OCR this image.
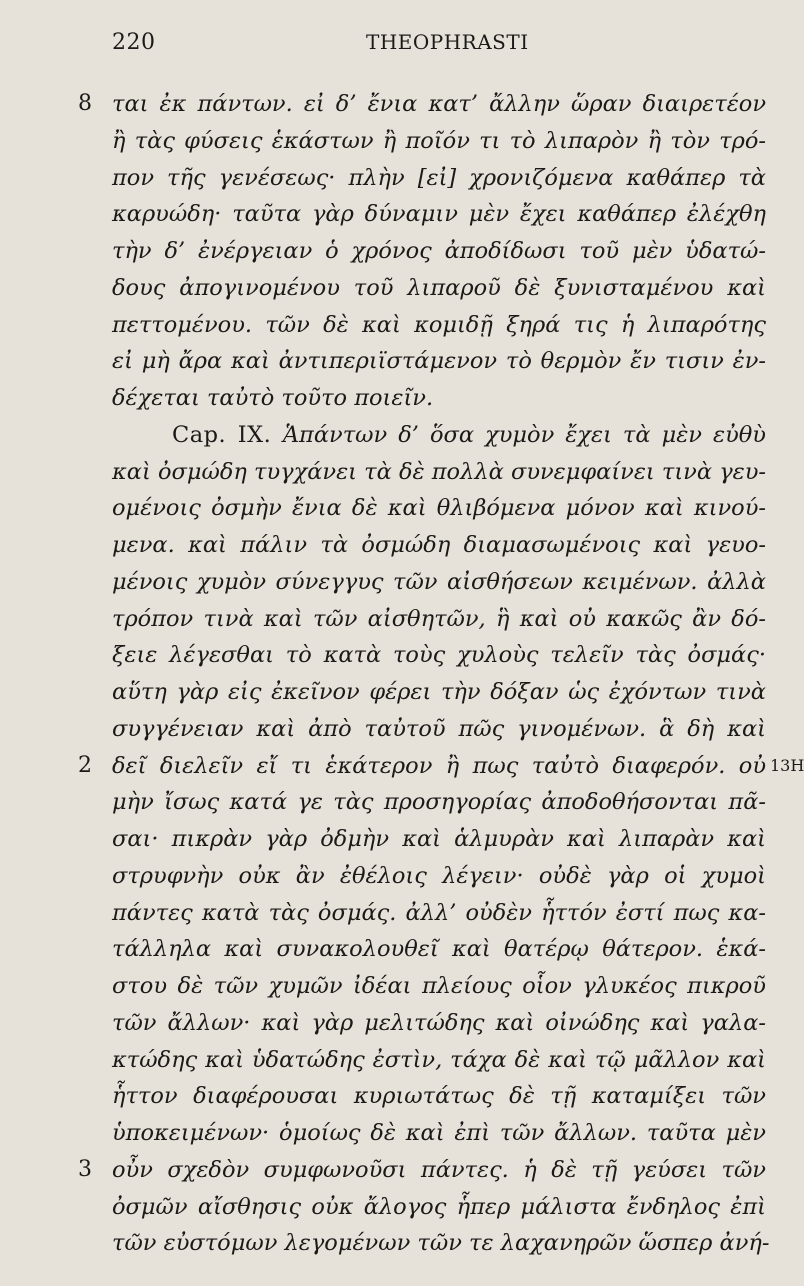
220	THEOPHRASTI
8 ται ἐκ πάντων. εἰ δ’ ἔνια κατ’ ἄλλην ὥραν διαιρετέον
ἢ τὰς φύσεις ἑκάστων ἢ ποῖόν τι τὸ λιπαρὸν ἢ τὸν τρό-
πον τῆς γενέσεως· πλὴν [εἰ] χρονιζόμενα καθάπερ τὰ
καρυώδη· ταῦτα γὰρ δύναμιν μὲν ἔχει καθάπερ ἐλέχθη
τὴν δ’ ἐνέργειαν ὁ χρόνος ἀποδίδωσι τοῦ μὲν ὑδατώ-
δους ἀπογινομένου τοῦ λιπαροῦ δὲ ξυνισταμένου καὶ
πεττομένου. τῶν δὲ καὶ κομιδῇ ξηρά τις ἡ λιπαρότης
εἰ μὴ ἄρα καὶ ἀντιπεριϊστάμενον τὸ θερμὸν ἔν τισιν ἐν-
δέχεται ταὐτὸ τοῦτο ποιεῖν.
Cap. IX. Ἁπάντων δ’ ὅσα χυμὸν ἔχει τὰ μὲν εὐθὺ
καὶ ὀσμώδη τυγχάνει τὰ δὲ πολλὰ συνεμφαίνει τινὰ γευ-
ομένοις ὀσμὴν ἔνια δὲ καὶ θλιβόμενα μόνον καὶ κινού-
μενα. καὶ πάλιν τὰ ὀσμώδη διαμασωμένοις καὶ γευο-
μένοις χυμὸν σύνεγγυς τῶν αἰσθήσεων κειμένων. ἀλλὰ
τρόπον τινὰ καὶ τῶν αἰσθητῶν, ἣ καὶ οὐ κακῶς ἂν δό-
ξειε λέγεσθαι τὸ κατὰ τοὺς χυλοὺς τελεῖν τὰς ὀσμάς·
αὕτη γὰρ εἰς ἐκεῖνον φέρει τὴν δόξαν ὡς ἐχόντων τινὰ
συγγένειαν καὶ ἀπὸ ταὐτοῦ πῶς γινομένων. ἃ δὴ καὶ
2 δεῖ διελεῖν εἴ τι ἑκάτερον ἢ πως ταὐτὸ διαφερόν. οὐ 13H
μὴν ἴσως κατά γε τὰς προσηγορίας ἀποδοθήσονται πᾶ-
σαι· πικρὰν γὰρ ὀδμὴν καὶ ἁλμυρὰν καὶ λιπαρὰν καὶ
στρυφνὴν οὐκ ἂν ἐθέλοις λέγειν· οὐδὲ γὰρ οἱ χυμοὶ
πάντες κατὰ τὰς ὀσμάς. ἀλλ’ οὐδὲν ἧττόν ἐστί πως κα-
τάλληλα καὶ συνακολουθεῖ καὶ θατέρῳ θάτερον. ἑκά-
στου δὲ τῶν χυμῶν ἰδέαι πλείους οἷον γλυκέος πικροῦ
τῶν ἄλλων· καὶ γὰρ μελιτώδης καὶ οἰνώδης καὶ γαλα-
κτώδης καὶ ὑδατώδης ἐστὶν, τάχα δὲ καὶ τῷ μᾶλλον καὶ
ἧττον διαφέρουσαι κυριωτάτως δὲ τῇ καταμίξει τῶν
ὑποκειμένων· ὁμοίως δὲ καὶ ἐπὶ τῶν ἄλλων. ταῦτα μὲν
3 οὖν σχεδὸν συμφωνοῦσι πάντες. ἡ δὲ τῇ γεύσει τῶν
ὀσμῶν αἴσθησις οὐκ ἄλογος ἧπερ μάλιστα ἔνδηλος ἐπὶ
τῶν εὐστόμων λεγομένων τῶν τε λαχανηρῶν ὥσπερ ἀνή-
